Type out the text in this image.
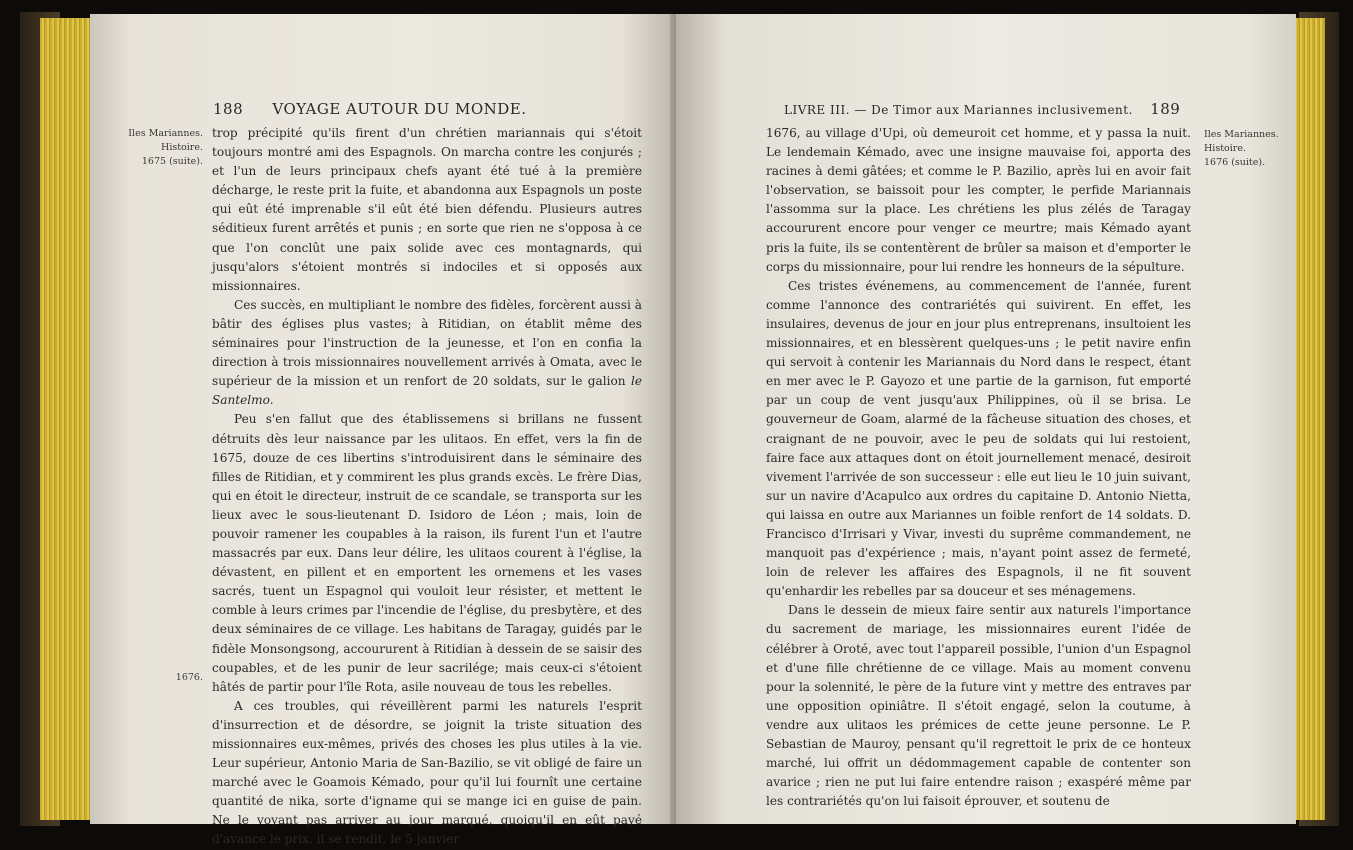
188 VOYAGE AUTOUR DU MONDE.
Iles Mariannes.
Histoire.
1675 (suite).
1676.

trop précipité qu'ils firent d'un chrétien mariannais qui s'étoit toujours montré ami des Espagnols. On marcha contre les conjurés ; et l'un de leurs principaux chefs ayant été tué à la première décharge, le reste prit la fuite, et abandonna aux Espagnols un poste qui eût été imprenable s'il eût été bien défendu. Plusieurs autres séditieux furent arrêtés et punis ; en sorte que rien ne s'opposa à ce que l'on conclût une paix solide avec ces montagnards, qui jusqu'alors s'étoient montrés si indociles et si opposés aux missionnaires.

Ces succès, en multipliant le nombre des fidèles, forcèrent aussi à bâtir des églises plus vastes; à Ritidian, on établit même des séminaires pour l'instruction de la jeunesse, et l'on en confia la direction à trois missionnaires nouvellement arrivés à Omata, avec le supérieur de la mission et un renfort de 20 soldats, sur le galion le Santelmo.

Peu s'en fallut que des établissemens si brillans ne fussent détruits dès leur naissance par les ulitaos. En effet, vers la fin de 1675, douze de ces libertins s'introduisirent dans le séminaire des filles de Ritidian, et y commirent les plus grands excès. Le frère Dias, qui en étoit le directeur, instruit de ce scandale, se transporta sur les lieux avec le sous-lieutenant D. Isidoro de Léon ; mais, loin de pouvoir ramener les coupables à la raison, ils furent l'un et l'autre massacrés par eux. Dans leur délire, les ulitaos courent à l'église, la dévastent, en pillent et en emportent les ornemens et les vases sacrés, tuent un Espagnol qui vouloit leur résister, et mettent le comble à leurs crimes par l'incendie de l'église, du presbytère, et des deux séminaires de ce village. Les habitans de Taragay, guidés par le fidèle Monsongsong, accoururent à Ritidian à dessein de se saisir des coupables, et de les punir de leur sacrilége; mais ceux-ci s'étoient hâtés de partir pour l'île Rota, asile nouveau de tous les rebelles.

A ces troubles, qui réveillèrent parmi les naturels l'esprit d'insurrection et de désordre, se joignit la triste situation des missionnaires eux-mêmes, privés des choses les plus utiles à la vie. Leur supérieur, Antonio Maria de San-Bazilio, se vit obligé de faire un marché avec le Goamois Kémado, pour qu'il lui fournît une certaine quantité de nika, sorte d'igname qui se mange ici en guise de pain. Ne le voyant pas arriver au jour marqué, quoiqu'il en eût payé d'avance le prix, il se rendit, le 5 janvier

LIVRE III. — De Timor aux Mariannes inclusivement. 189
Iles Mariannes.
Histoire.
1676 (suite).

1676, au village d'Upi, où demeuroit cet homme, et y passa la nuit. Le lendemain Kémado, avec une insigne mauvaise foi, apporta des racines à demi gâtées; et comme le P. Bazilio, après lui en avoir fait l'observation, se baissoit pour les compter, le perfide Mariannais l'assomma sur la place. Les chrétiens les plus zélés de Taragay accoururent encore pour venger ce meurtre; mais Kémado ayant pris la fuite, ils se contentèrent de brûler sa maison et d'emporter le corps du missionnaire, pour lui rendre les honneurs de la sépulture.

Ces tristes événemens, au commencement de l'année, furent comme l'annonce des contrariétés qui suivirent. En effet, les insulaires, devenus de jour en jour plus entreprenans, insultoient les missionnaires, et en blessèrent quelques-uns ; le petit navire enfin qui servoit à contenir les Mariannais du Nord dans le respect, étant en mer avec le P. Gayozo et une partie de la garnison, fut emporté par un coup de vent jusqu'aux Philippines, où il se brisa. Le gouverneur de Goam, alarmé de la fâcheuse situation des choses, et craignant de ne pouvoir, avec le peu de soldats qui lui restoient, faire face aux attaques dont on étoit journellement menacé, desiroit vivement l'arrivée de son successeur : elle eut lieu le 10 juin suivant, sur un navire d'Acapulco aux ordres du capitaine D. Antonio Nietta, qui laissa en outre aux Mariannes un foible renfort de 14 soldats. D. Francisco d'Irrisari y Vivar, investi du suprême commandement, ne manquoit pas d'expérience ; mais, n'ayant point assez de fermeté, loin de relever les affaires des Espagnols, il ne fit souvent qu'enhardir les rebelles par sa douceur et ses ménagemens.

Dans le dessein de mieux faire sentir aux naturels l'importance du sacrement de mariage, les missionnaires eurent l'idée de célébrer à Oroté, avec tout l'appareil possible, l'union d'un Espagnol et d'une fille chrétienne de ce village. Mais au moment convenu pour la solennité, le père de la future vint y mettre des entraves par une opposition opiniâtre. Il s'étoit engagé, selon la coutume, à vendre aux ulitaos les prémices de cette jeune personne. Le P. Sebastian de Mauroy, pensant qu'il regrettoit le prix de ce honteux marché, lui offrit un dédommagement capable de contenter son avarice ; rien ne put lui faire entendre raison ; exaspéré même par les contrariétés qu'on lui faisoit éprouver, et soutenu de
